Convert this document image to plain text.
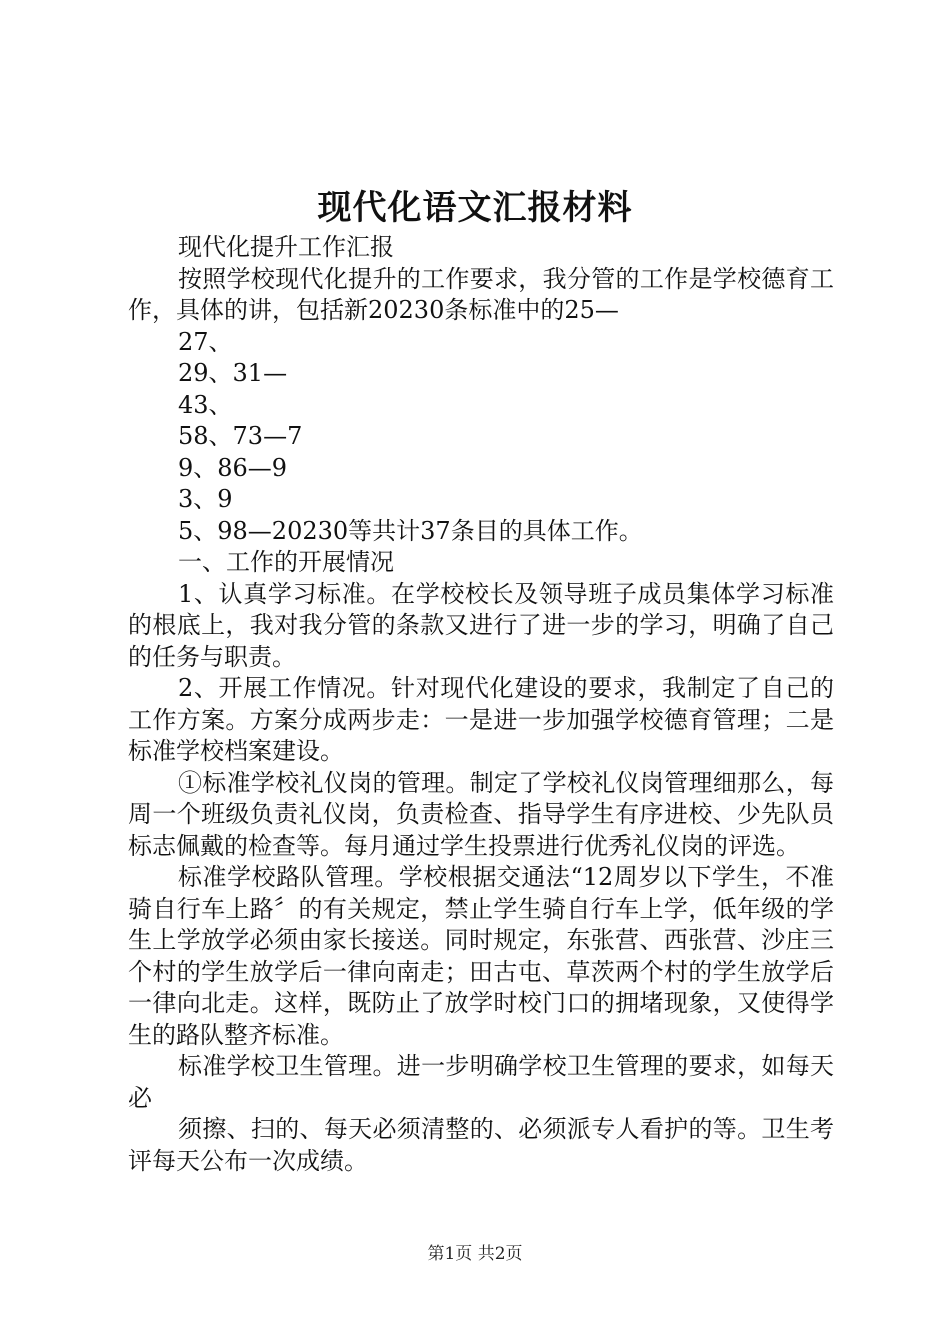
现代化语文汇报材料

现代化提升工作汇报

按照学校现代化提升的工作要求，我分管的工作是学校德育工作，具体的讲，包括新20230条标准中的25—

27、

29、31—

43、

58、73—7

9、86—9

3、9

5、98—20230等共计37条目的具体工作。

一、工作的开展情况

1、认真学习标准。在学校校长及领导班子成员集体学习标准的根底上，我对我分管的条款又进行了进一步的学习，明确了自己的任务与职责。

2、开展工作情况。针对现代化建设的要求，我制定了自己的工作方案。方案分成两步走：一是进一步加强学校德育管理；二是标准学校档案建设。

①标准学校礼仪岗的管理。制定了学校礼仪岗管理细那么，每周一个班级负责礼仪岗，负责检查、指导学生有序进校、少先队员标志佩戴的检查等。每月通过学生投票进行优秀礼仪岗的评选。

标准学校路队管理。学校根据交通法“12周岁以下学生，不准骑自行车上路〞的有关规定，禁止学生骑自行车上学，低年级的学生上学放学必须由家长接送。同时规定，东张营、西张营、沙庄三个村的学生放学后一律向南走；田古屯、草茨两个村的学生放学后一律向北走。这样，既防止了放学时校门口的拥堵现象，又使得学生的路队整齐标准。

标准学校卫生管理。进一步明确学校卫生管理的要求，如每天必

须擦、扫的、每天必须清整的、必须派专人看护的等。卫生考评每天公布一次成绩。

第1页 共2页
